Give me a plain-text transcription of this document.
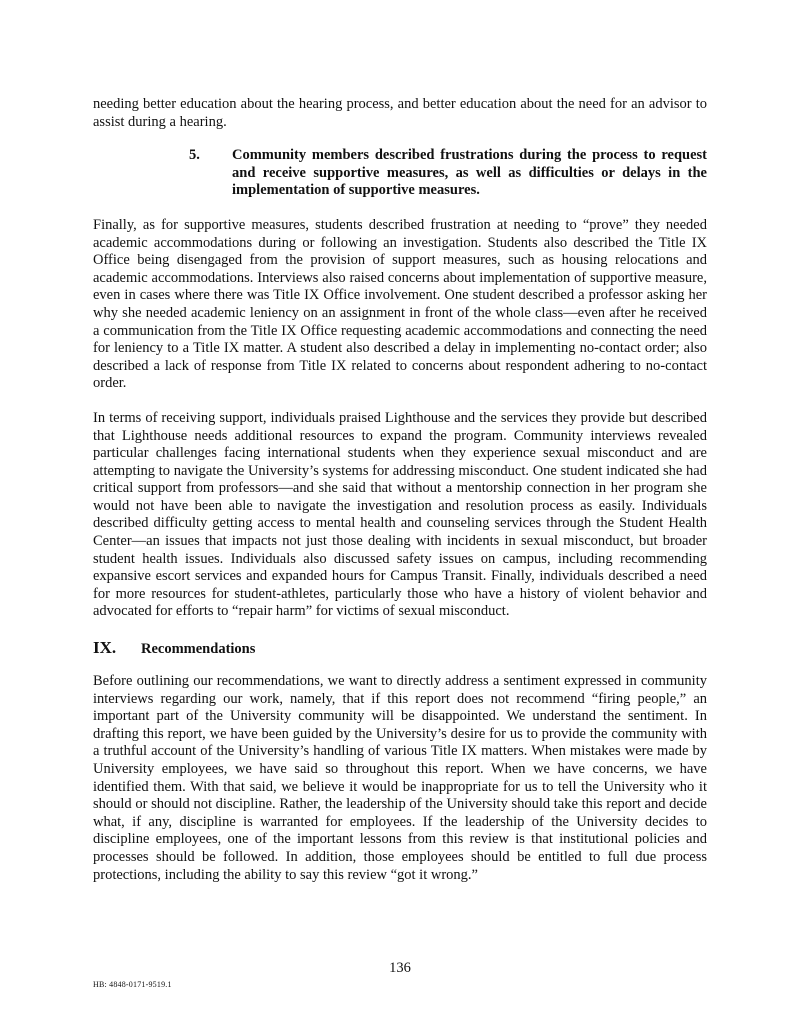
needing better education about the hearing process, and better education about the need for an advisor to assist during a hearing.

5.	Community members described frustrations during the process to request and receive supportive measures, as well as difficulties or delays in the implementation of supportive measures.

Finally, as for supportive measures, students described frustration at needing to “prove” they needed academic accommodations during or following an investigation. Students also described the Title IX Office being disengaged from the provision of support measures, such as housing relocations and academic accommodations. Interviews also raised concerns about implementation of supportive measure, even in cases where there was Title IX Office involvement. One student described a professor asking her why she needed academic leniency on an assignment in front of the whole class—even after he received a communication from the Title IX Office requesting academic accommodations and connecting the need for leniency to a Title IX matter. A student also described a delay in implementing no-contact order; also described a lack of response from Title IX related to concerns about respondent adhering to no-contact order.

In terms of receiving support, individuals praised Lighthouse and the services they provide but described that Lighthouse needs additional resources to expand the program. Community interviews revealed particular challenges facing international students when they experience sexual misconduct and are attempting to navigate the University’s systems for addressing misconduct. One student indicated she had critical support from professors—and she said that without a mentorship connection in her program she would not have been able to navigate the investigation and resolution process as easily. Individuals described difficulty getting access to mental health and counseling services through the Student Health Center—an issues that impacts not just those dealing with incidents in sexual misconduct, but broader student health issues. Individuals also discussed safety issues on campus, including recommending expansive escort services and expanded hours for Campus Transit. Finally, individuals described a need for more resources for student-athletes, particularly those who have a history of violent behavior and advocated for efforts to “repair harm” for victims of sexual misconduct.

IX.	Recommendations

Before outlining our recommendations, we want to directly address a sentiment expressed in community interviews regarding our work, namely, that if this report does not recommend “firing people,” an important part of the University community will be disappointed. We understand the sentiment. In drafting this report, we have been guided by the University’s desire for us to provide the community with a truthful account of the University’s handling of various Title IX matters. When mistakes were made by University employees, we have said so throughout this report. When we have concerns, we have identified them. With that said, we believe it would be inappropriate for us to tell the University who it should or should not discipline. Rather, the leadership of the University should take this report and decide what, if any, discipline is warranted for employees. If the leadership of the University decides to discipline employees, one of the important lessons from this review is that institutional policies and processes should be followed. In addition, those employees should be entitled to full due process protections, including the ability to say this review “got it wrong.”

136
HB: 4848-0171-9519.1
